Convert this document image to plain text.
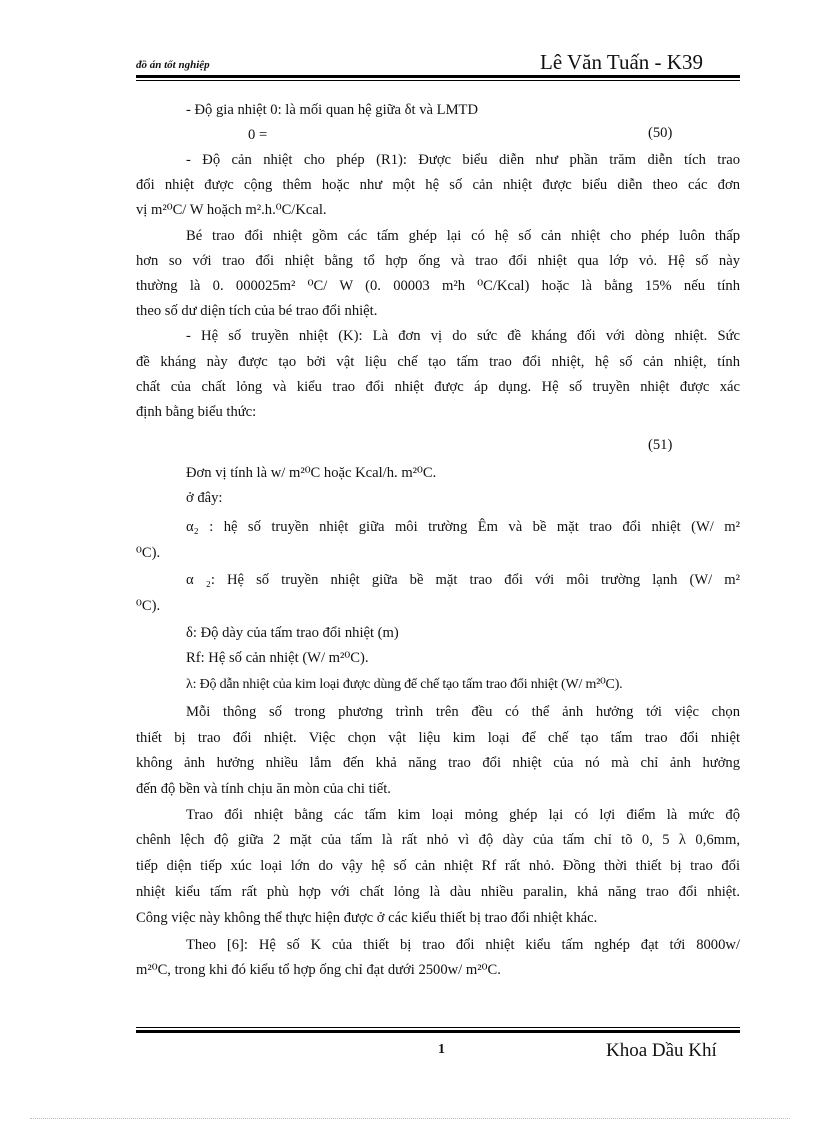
đồ án tốt nghiệp	Lê Văn Tuấn - K39
- Độ gia nhiệt 0: là mối quan hệ giữa δt và LMTD
0 =	(50)
- Độ cản nhiệt cho phép (R1): Được biểu diễn như phần trăm diễn tích trao
đổi nhiệt được cộng thêm hoặc như một hệ số cản nhiệt được biểu diễn theo các đơn
vị m²⁰C/ W hoặch m².h.⁰C/Kcal.
Bé trao đổi nhiệt gồm các tấm ghép lại có hệ số cản nhiệt cho phép luôn thấp
hơn so với trao đổi nhiệt bằng tổ hợp ống và trao đổi nhiệt qua lớp vỏ. Hệ số này
thường là 0. 000025m² ⁰C/ W (0. 00003 m²h ⁰C/Kcal) hoặc là bằng 15% nếu tính
theo số dư diện tích của bé trao đổi nhiệt.
- Hệ số truyền nhiệt (K): Là đơn vị do sức đề kháng đối với dòng nhiệt. Sức
đề kháng này được tạo bởi vật liệu chế tạo tấm trao đổi nhiệt, hệ số cản nhiệt, tính
chất của chất lỏng và kiểu trao đổi nhiệt được áp dụng. Hệ số truyền nhiệt được xác
định bằng biểu thức:
(51)
Đơn vị tính là w/ m²⁰C hoặc Kcal/h. m²⁰C.
ở đây:
α₂ : hệ số truyền nhiệt giữa môi trường Êm và bề mặt trao đổi nhiệt (W/ m²
⁰C).
α ₂: Hệ số truyền nhiệt giữa bề mặt trao đổi với môi trường lạnh (W/ m²
⁰C).
δ: Độ dày của tấm trao đổi nhiệt (m)
Rf: Hệ số cản nhiệt (W/ m²⁰C).
λ: Độ dẫn nhiệt của kim loại được dùng để chế tạo tấm trao đổi nhiệt (W/ m²⁰C).
Mỗi thông số trong phương trình trên đều có thể ảnh hưởng tới việc chọn
thiết bị trao đổi nhiệt. Việc chọn vật liệu kim loại để chế tạo tấm trao đổi nhiệt
không ảnh hưởng nhiều lắm đến khả năng trao đổi nhiệt của nó mà chỉ ảnh hưởng
đến độ bền và tính chịu ăn mòn của chi tiết.
Trao đổi nhiệt bằng các tấm kim loại mỏng ghép lại có lợi điểm là mức độ
chênh lệch độ giữa 2 mặt của tấm là rất nhỏ vì độ dày của tấm chỉ tõ 0, 5 λ 0,6mm,
tiếp diện tiếp xúc loại lớn do vậy hệ số cản nhiệt Rf rất nhỏ. Đồng thời thiết bị trao đổi
nhiệt kiểu tấm rất phù hợp với chất lỏng là dàu nhiều paralin, khả năng trao đổi nhiệt.
Công việc này không thể thực hiện được ở các kiểu thiết bị trao đổi nhiệt khác.
Theo [6]: Hệ số K của thiết bị trao đổi nhiệt kiểu tấm nghép đạt tới 8000w/
m²⁰C, trong khi đó kiểu tổ hợp ống chỉ đạt dưới 2500w/ m²⁰C.
1	Khoa Dầu Khí
